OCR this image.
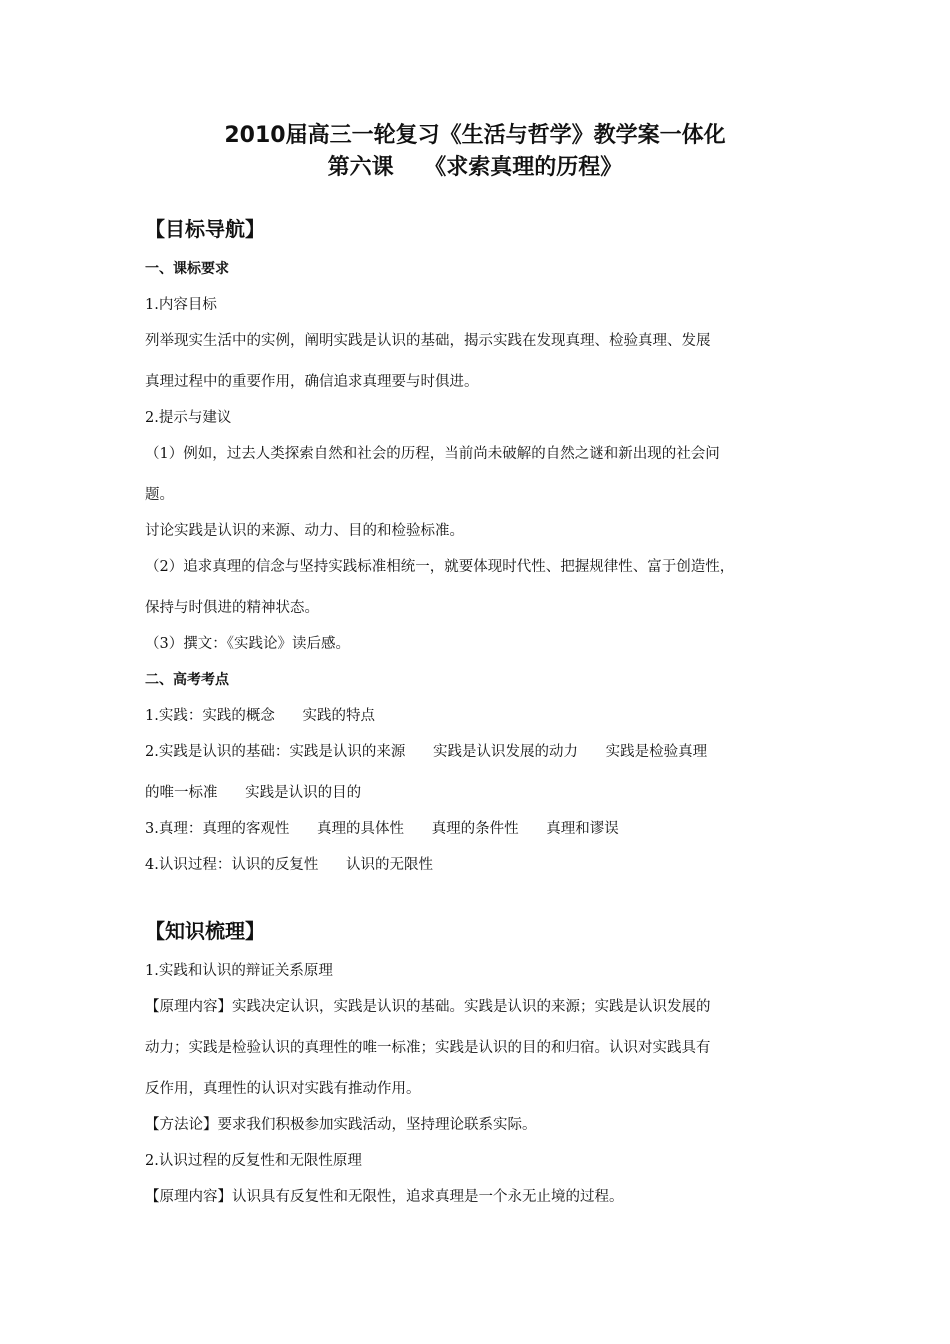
2010届高三一轮复习《生活与哲学》教学案一体化
第六课    《求索真理的历程》
【目标导航】
一、课标要求
1.内容目标
列举现实生活中的实例，阐明实践是认识的基础，揭示实践在发现真理、检验真理、发展
真理过程中的重要作用，确信追求真理要与时俱进。
2.提示与建议
（1）例如，过去人类探索自然和社会的历程，当前尚未破解的自然之谜和新出现的社会问
题。
讨论实践是认识的来源、动力、目的和检验标准。
（2）追求真理的信念与坚持实践标准相统一，就要体现时代性、把握规律性、富于创造性，
保持与时俱进的精神状态。
（3）撰文：《实践论》读后感。
二、高考考点
1.实践：实践的概念      实践的特点
2.实践是认识的基础：实践是认识的来源      实践是认识发展的动力      实践是检验真理
的唯一标准      实践是认识的目的
3.真理：真理的客观性      真理的具体性      真理的条件性      真理和谬误
4.认识过程：认识的反复性      认识的无限性
【知识梳理】
1.实践和认识的辩证关系原理
【原理内容】实践决定认识，实践是认识的基础。实践是认识的来源；实践是认识发展的
动力；实践是检验认识的真理性的唯一标准；实践是认识的目的和归宿。认识对实践具有
反作用，真理性的认识对实践有推动作用。
【方法论】要求我们积极参加实践活动，坚持理论联系实际。
2.认识过程的反复性和无限性原理
【原理内容】认识具有反复性和无限性，追求真理是一个永无止境的过程。
